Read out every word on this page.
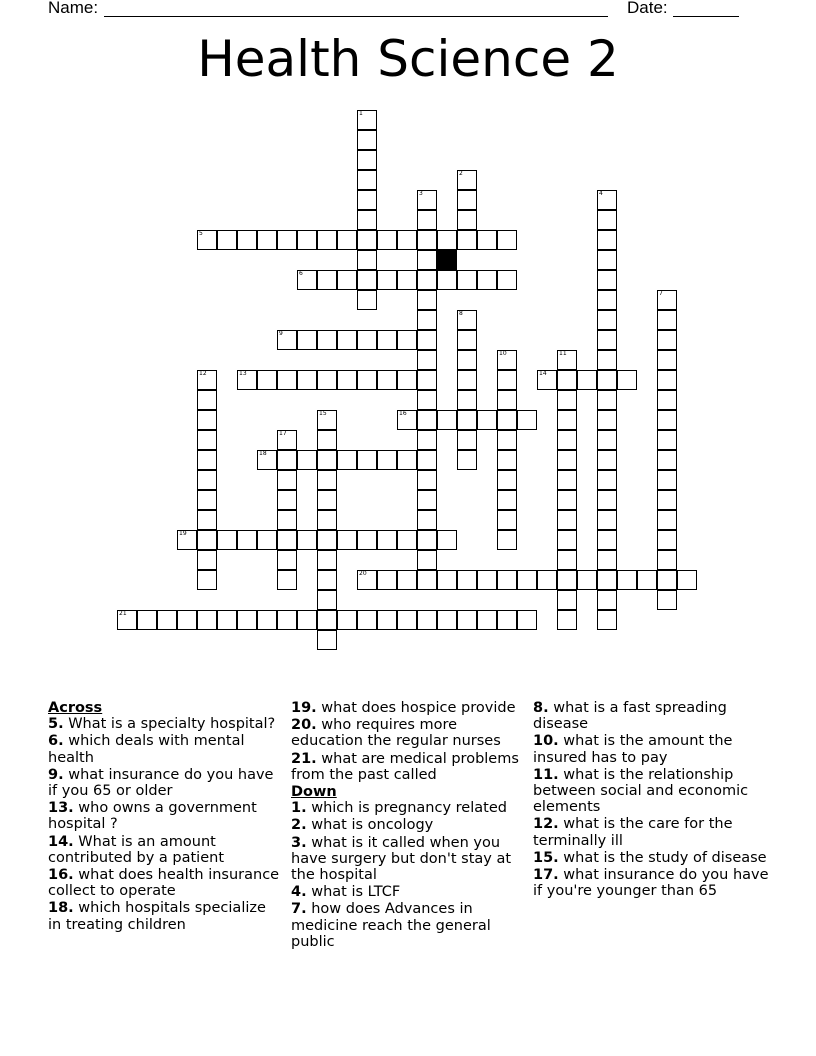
Name:	Date:
Health Science 2
1
2
3	4
5
6
7
8
9
10	11
12	13	14
15	16
17
18
19
20
21
Across
5. What is a specialty hospital?
6. which deals with mental health
9. what insurance do you have if you 65 or older
13. who owns a government hospital ?
14. What is an amount contributed by a patient
16. what does health insurance collect to operate
18. which hospitals specialize in treating children
19. what does hospice provide
20. who requires more education the regular nurses
21. what are medical problems from the past called
Down
1. which is pregnancy related
2. what is oncology
3. what is it called when you have surgery but don't stay at the hospital
4. what is LTCF
7. how does Advances in medicine reach the general public
8. what is a fast spreading disease
10. what is the amount the insured has to pay
11. what is the relationship between social and economic elements
12. what is the care for the terminally ill
15. what is the study of disease
17. what insurance do you have if you're younger than 65
